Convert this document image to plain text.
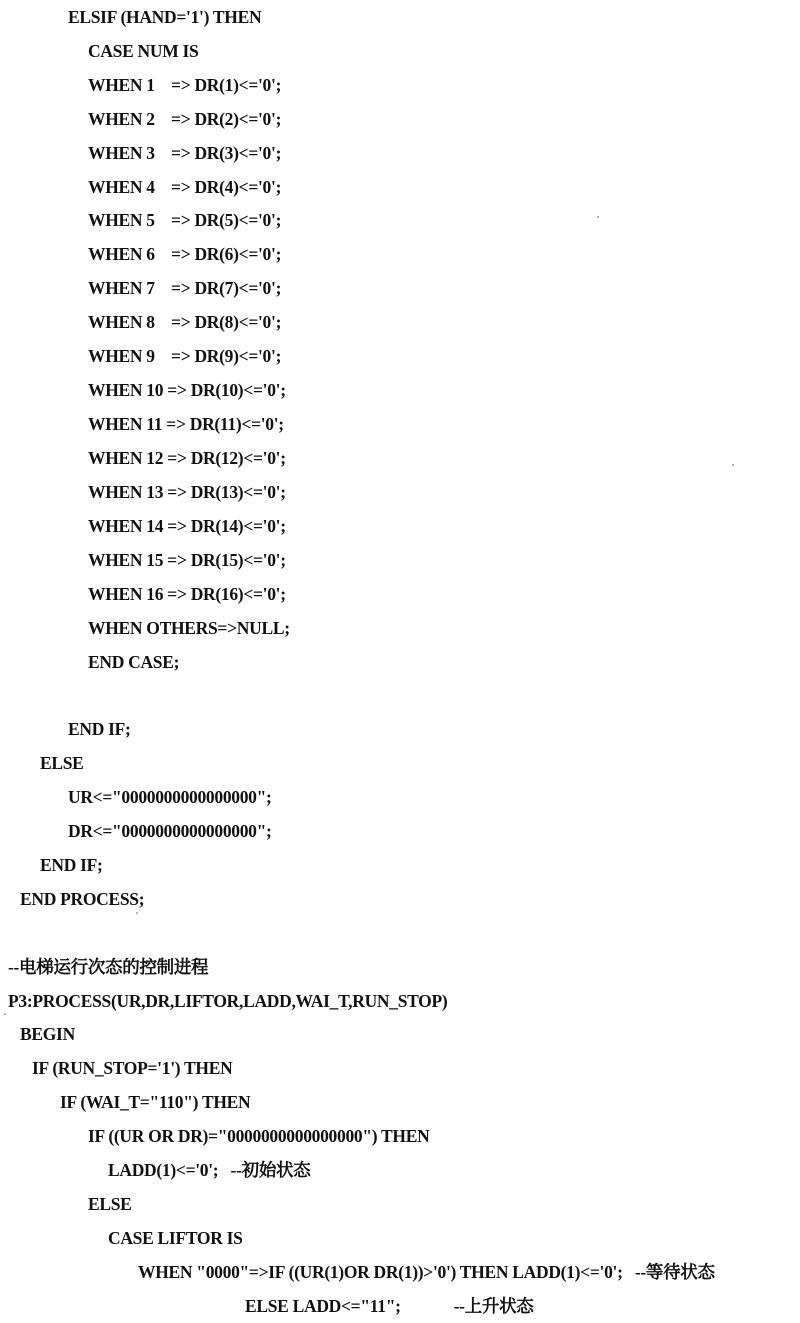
ELSIF (HAND='1') THEN
CASE NUM IS
WHEN 1    => DR(1)<='0';
WHEN 2    => DR(2)<='0';
WHEN 3    => DR(3)<='0';
WHEN 4    => DR(4)<='0';
WHEN 5    => DR(5)<='0';
WHEN 6    => DR(6)<='0';
WHEN 7    => DR(7)<='0';
WHEN 8    => DR(8)<='0';
WHEN 9    => DR(9)<='0';
WHEN 10 => DR(10)<='0';
WHEN 11 => DR(11)<='0';
WHEN 12 => DR(12)<='0';
WHEN 13 => DR(13)<='0';
WHEN 14 => DR(14)<='0';
WHEN 15 => DR(15)<='0';
WHEN 16 => DR(16)<='0';
WHEN OTHERS=>NULL;
END CASE;
END IF;
ELSE
UR<="0000000000000000";
DR<="0000000000000000";
END IF;
END PROCESS;
--电梯运行次态的控制进程
P3:PROCESS(UR,DR,LIFTOR,LADD,WAI_T,RUN_STOP)
BEGIN
IF (RUN_STOP='1') THEN
IF (WAI_T="110") THEN
IF ((UR OR DR)="0000000000000000") THEN
LADD(1)<='0';   --初始状态
ELSE
CASE LIFTOR IS
WHEN "0000"=>IF ((UR(1)OR DR(1))>'0') THEN LADD(1)<='0';   --等待状态
ELSE LADD<="11";             --上升状态
